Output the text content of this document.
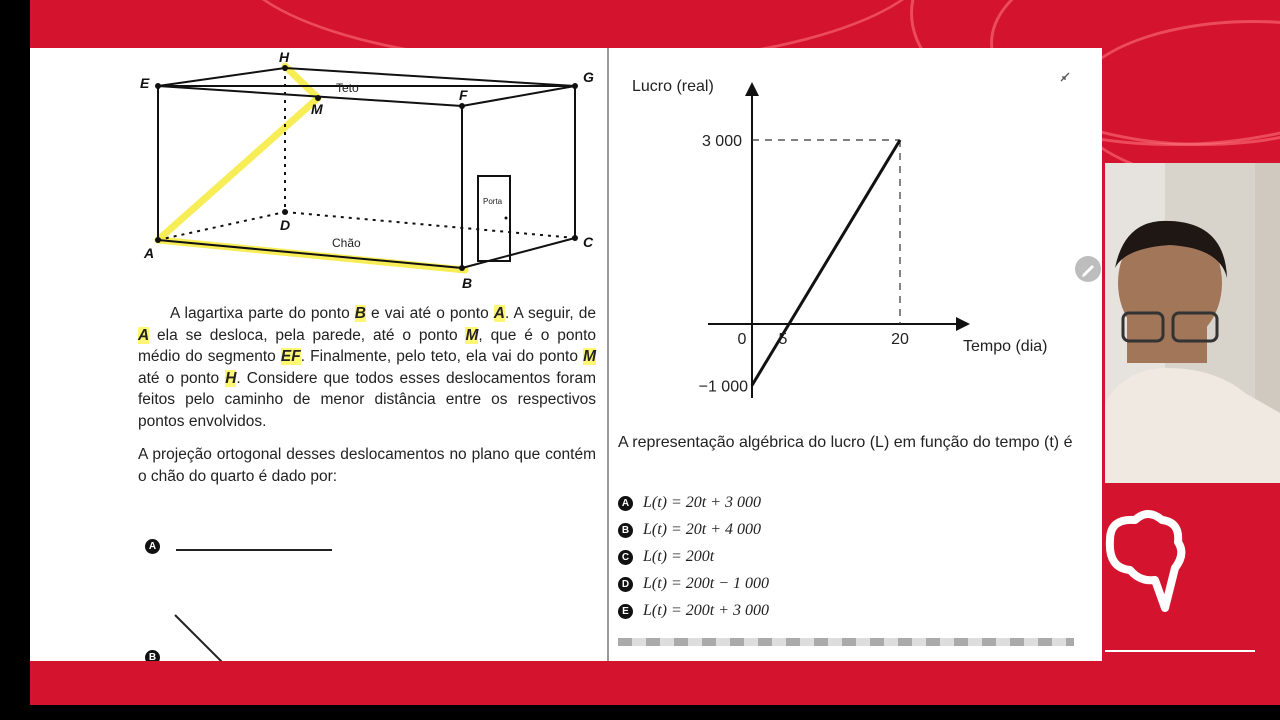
E
H
G
F
M
D
A
B
C
Teto
Chão
Porta
A lagartixa parte do ponto B e vai até o ponto A. A seguir, de A ela se desloca, pela parede, até o ponto M, que é o ponto médio do segmento EF. Finalmente, pelo teto, ela vai do ponto M até o ponto H. Considere que todos esses deslocamentos foram feitos pelo caminho de menor distância entre os respectivos pontos envolvidos.
A projeção ortogonal desses deslocamentos no plano que contém o chão do quarto é dado por:
A
B
Lucro (real)
Tempo (dia)
0 5	20
3 000
−1 000
A representação algébrica do lucro (L) em função do tempo (t) é
A L(t) = 20t + 3 000
B L(t) = 20t + 4 000
C L(t) = 200t
D L(t) = 200t − 1 000
E L(t) = 200t + 3 000
